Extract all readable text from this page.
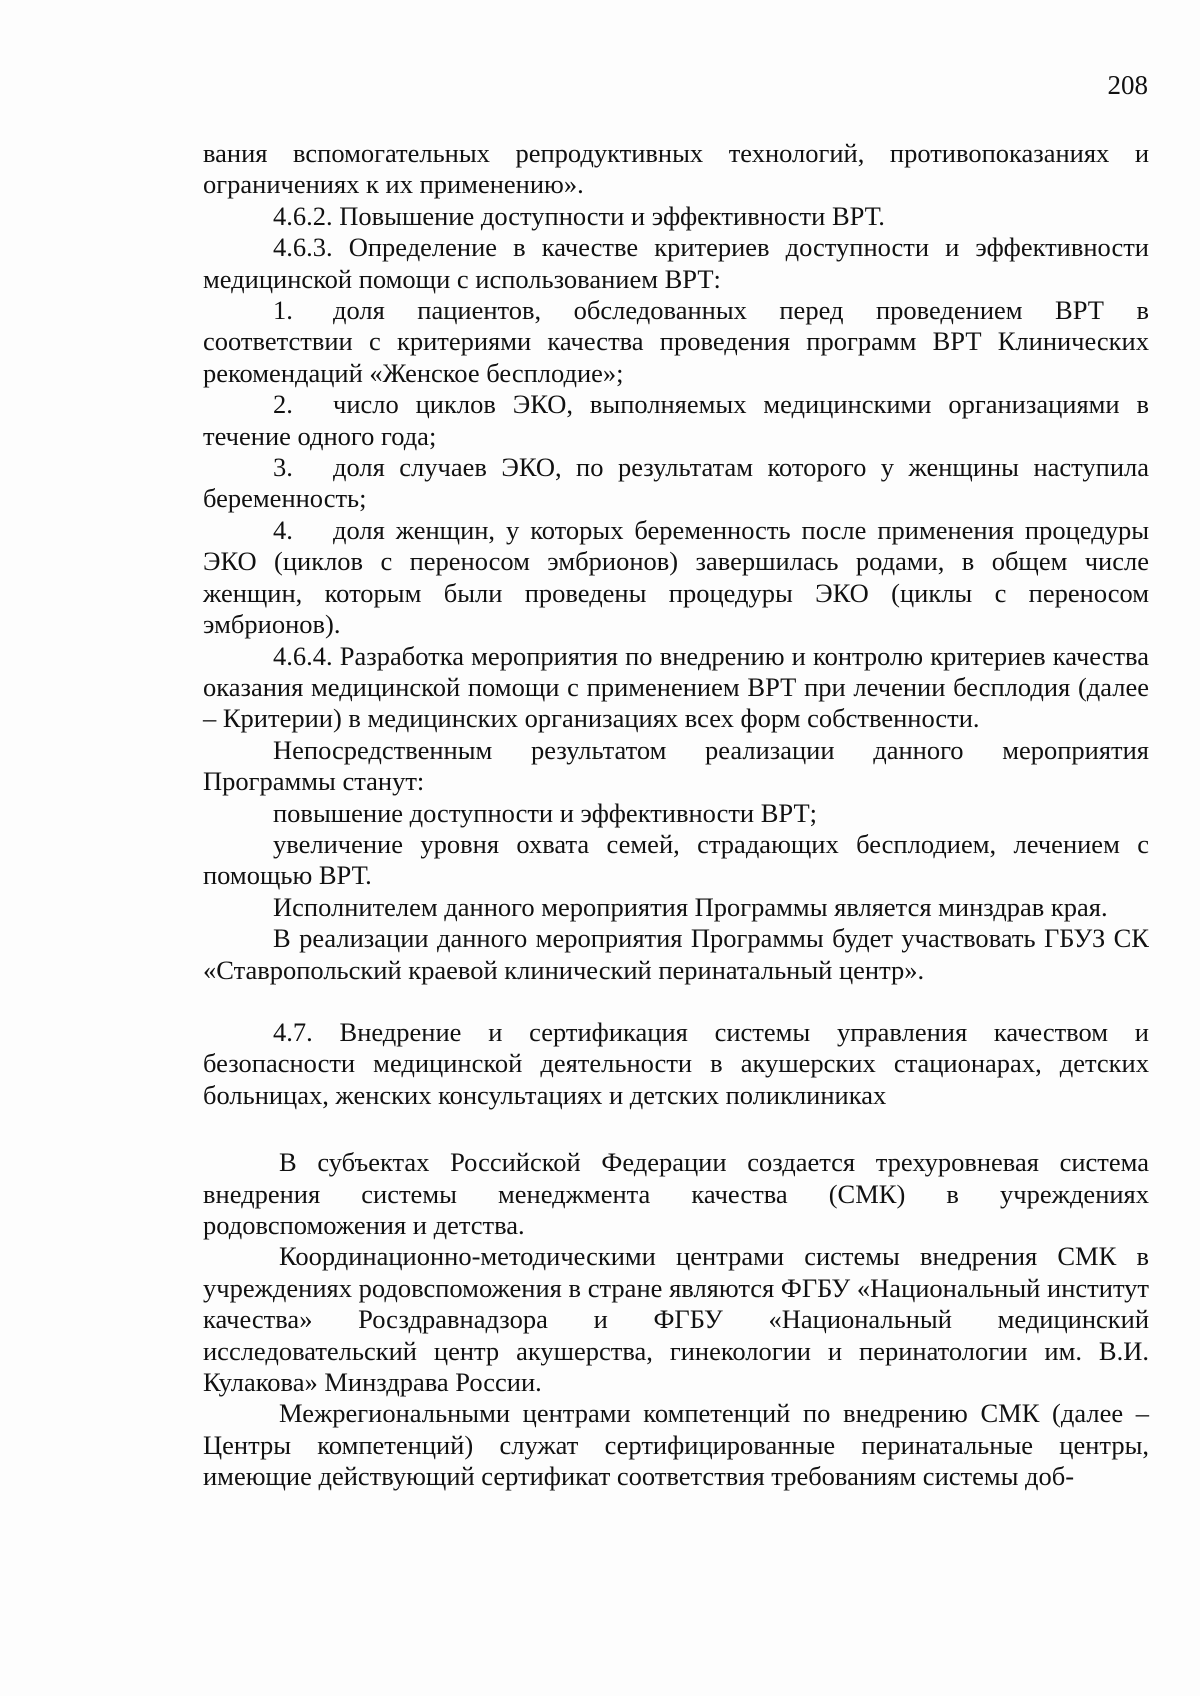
208

вания вспомогательных репродуктивных технологий, противопоказаниях и ограничениях к их применению».

4.6.2. Повышение доступности и эффективности ВРТ.

4.6.3. Определение в качестве критериев доступности и эффективности медицинской помощи с использованием ВРТ:

1. доля пациентов, обследованных перед проведением ВРТ в соответствии с критериями качества проведения программ ВРТ Клинических рекомендаций «Женское бесплодие»;

2. число циклов ЭКО, выполняемых медицинскими организациями в течение одного года;

3. доля случаев ЭКО, по результатам которого у женщины наступила беременность;

4. доля женщин, у которых беременность после применения процедуры ЭКО (циклов с переносом эмбрионов) завершилась родами, в общем числе женщин, которым были проведены процедуры ЭКО (циклы с переносом эмбрионов).

4.6.4. Разработка мероприятия по внедрению и контролю критериев качества оказания медицинской помощи с применением ВРТ при лечении бесплодия (далее – Критерии) в медицинских организациях всех форм собственности.

Непосредственным результатом реализации данного мероприятия Программы станут:

повышение доступности и эффективности ВРТ;

увеличение уровня охвата семей, страдающих бесплодием, лечением с помощью ВРТ.

Исполнителем данного мероприятия Программы является минздрав края.

В реализации данного мероприятия Программы будет участвовать ГБУЗ СК «Ставропольский краевой клинический перинатальный центр».

4.7. Внедрение и сертификация системы управления качеством и безопасности медицинской деятельности в акушерских стационарах, детских больницах, женских консультациях и детских поликлиниках

В субъектах Российской Федерации создается трехуровневая система внедрения системы менеджмента качества (СМК) в учреждениях родовспоможения и детства.

Координационно-методическими центрами системы внедрения СМК в учреждениях родовспоможения в стране являются ФГБУ «Национальный институт качества» Росздравнадзора и ФГБУ «Национальный медицинский исследовательский центр акушерства, гинекологии и перинатологии им. В.И. Кулакова» Минздрава России.

Межрегиональными центрами компетенций по внедрению СМК (далее – Центры компетенций) служат сертифицированные перинатальные центры, имеющие действующий сертификат соответствия требованиям системы доб-
